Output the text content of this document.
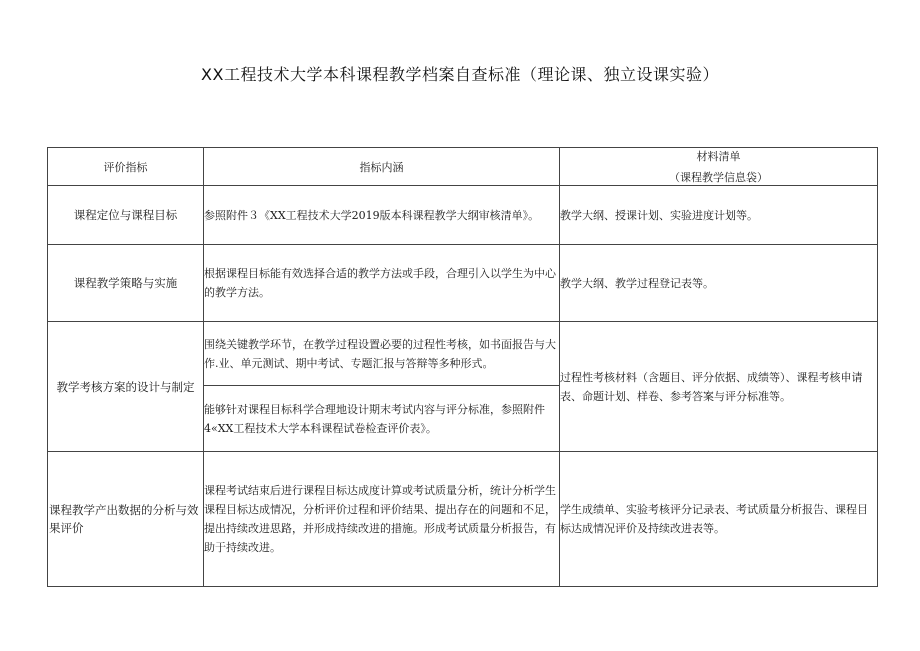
XX工程技术大学本科课程教学档案自查标准（理论课、独立设课实验）
评价指标	指标内涵	材料清单
（课程教学信息袋）

课程定位与课程目标	参照附件３《XX工程技术大学2019版本科课程教学大纲审核清单》。	教学大纲、授课计划、实验进度计划等。
课程教学策略与实施	根据课程目标能有效选择合适的教学方法或手段，合理引入以学生为中心的教学方法。	教学大纲、教学过程登记表等。
教学考核方案的设计与制定	围绕关键教学环节，在教学过程设置必要的过程性考核，如书面报告与大作.业、单元测试、期中考试、专题汇报与答辩等多种形式。	过程性考核材料（含题目、评分依据、成绩等）、课程考核申请表、命题计划、样卷、参考答案与评分标准等。
	能够针对课程目标科学合理地设计期末考试内容与评分标准，参照附件4«XX工程技术大学本科课程试卷检查评价表》。	
课程教学产出数据的分析与效果评价	课程考试结束后进行课程目标达成度计算或考试质量分析，统计分析学生课程目标达成情况，分析评价过程和评价结果、提出存在的问题和不足，提出持续改进思路，并形成持续改进的措施。形成考试质量分析报告，有助于持续改进。	学生成绩单、实验考核评分记录表、考试质量分析报告、课程目标达成情况评价及持续改进表等。
